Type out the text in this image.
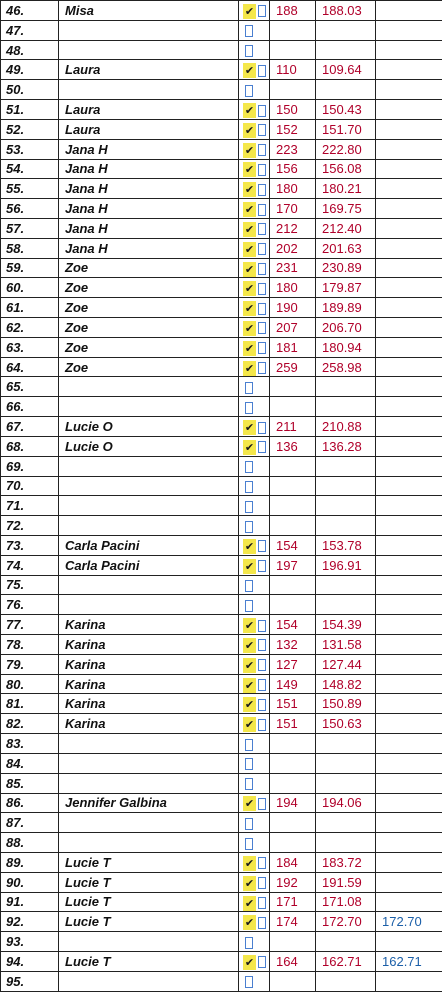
46.	Misa	✔	188	188.03	
47.					
48.					
49.	Laura	✔	110	109.64	
50.					
51.	Laura	✔	150	150.43	
52.	Laura	✔	152	151.70	
53.	Jana H	✔	223	222.80	
54.	Jana H	✔	156	156.08	
55.	Jana H	✔	180	180.21	
56.	Jana H	✔	170	169.75	
57.	Jana H	✔	212	212.40	
58.	Jana H	✔	202	201.63	
59.	Zoe	✔	231	230.89	
60.	Zoe	✔	180	179.87	
61.	Zoe	✔	190	189.89	
62.	Zoe	✔	207	206.70	
63.	Zoe	✔	181	180.94	
64.	Zoe	✔	259	258.98	
65.					
66.					
67.	Lucie O	✔	211	210.88	
68.	Lucie O	✔	136	136.28	
69.					
70.					
71.					
72.					
73.	Carla Pacini	✔	154	153.78	
74.	Carla Pacini	✔	197	196.91	
75.					
76.					
77.	Karina	✔	154	154.39	
78.	Karina	✔	132	131.58	
79.	Karina	✔	127	127.44	
80.	Karina	✔	149	148.82	
81.	Karina	✔	151	150.89	
82.	Karina	✔	151	150.63	
83.					
84.					
85.					
86.	Jennifer Galbina	✔	194	194.06	
87.					
88.					
89.	Lucie T	✔	184	183.72	
90.	Lucie T	✔	192	191.59	
91.	Lucie T	✔	171	171.08	
92.	Lucie T	✔	174	172.70	172.70
93.					
94.	Lucie T	✔	164	162.71	162.71
95.					
